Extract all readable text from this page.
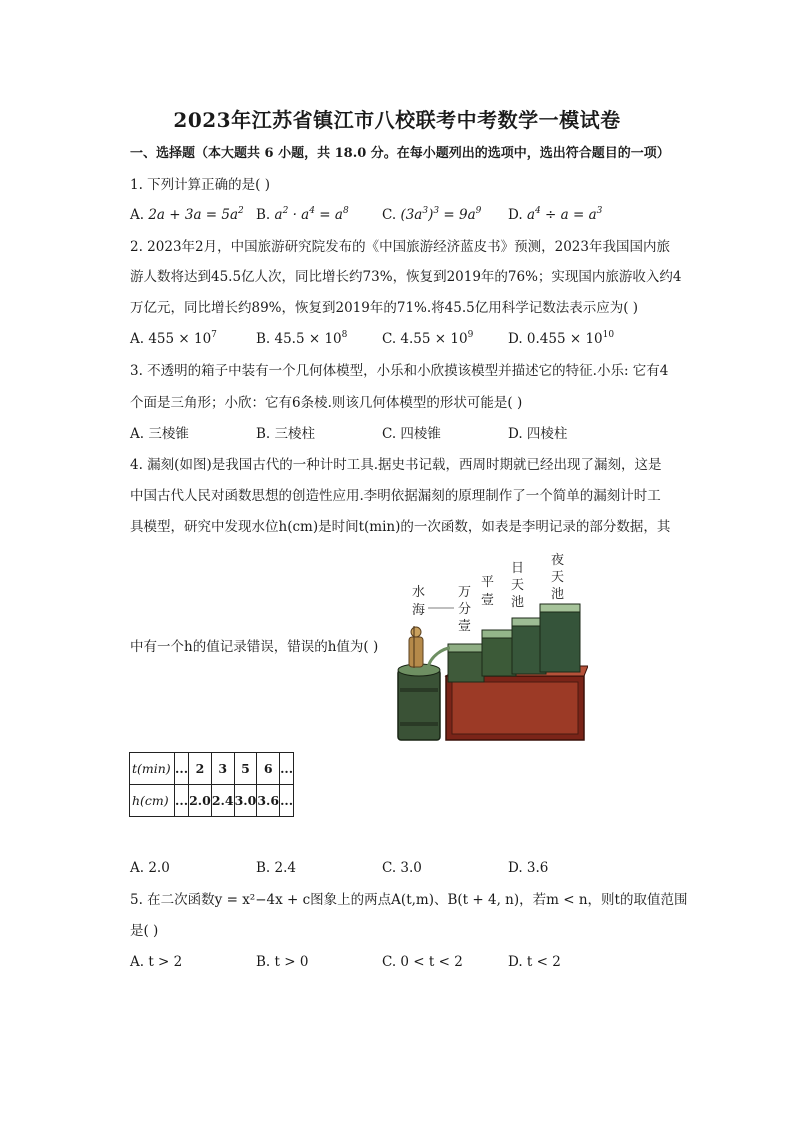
2023年江苏省镇江市八校联考中考数学一模试卷
一、选择题（本大题共 6 小题，共 18.0 分。在每小题列出的选项中，选出符合题目的一项）
1. 下列计算正确的是( )
A. $2a + 3a = 5a^2$ B. $a^2 \cdot a^4 = a^8$ C. $(3a^3)^3 = 9a^9$ D. $a^4 \div a = a^3$
2. 2023年2月，中国旅游研究院发布的《中国旅游经济蓝皮书》预测，2023年我国国内旅
游人数将达到45.5亿人次，同比增长约73%，恢复到2019年的76%；实现国内旅游收入约4
万亿元，同比增长约89%，恢复到2019年的71%.将45.5亿用科学记数法表示应为( )
A. $455 \times 10^7$	B. $45.5 \times 10^8$	C. $4.55 \times 10^9$	D. $0.455 \times 10^{10}$
3. 不透明的箱子中装有一个几何体模型，小乐和小欣摸该模型并描述它的特征.小乐: 它有4
个面是三角形；小欣：它有6条棱.则该几何体模型的形状可能是( )
A. 三棱锥	B. 三棱柱	C. 四棱锥	D. 四棱柱
4. 漏刻(如图)是我国古代的一种计时工具.据史书记载，西周时期就已经出现了漏刻，这是
中国古代人民对函数思想的创造性应用.李明依据漏刻的原理制作了一个简单的漏刻计时工
具模型，研究中发现水位h(cm)是时间t(min)的一次函数，如表是李明记录的部分数据，其
中有一个h的值记录错误，错误的h值为( )
夜
天
池
日
天
池
平
壹
万
分
壹
水
海
t(min)	...	2	3	5	6	...
h(cm)	...	2.0	2.4	3.0	3.6	...
A. 2.0	B. 2.4	C. 3.0	D. 3.6
5. 在二次函数y = x²−4x + c图象上的两点A(t,m)、B(t + 4, n)，若m < n，则t的取值范围
是( )
A. t > 2	B. t > 0	C. 0 < t < 2	D. t < 2
